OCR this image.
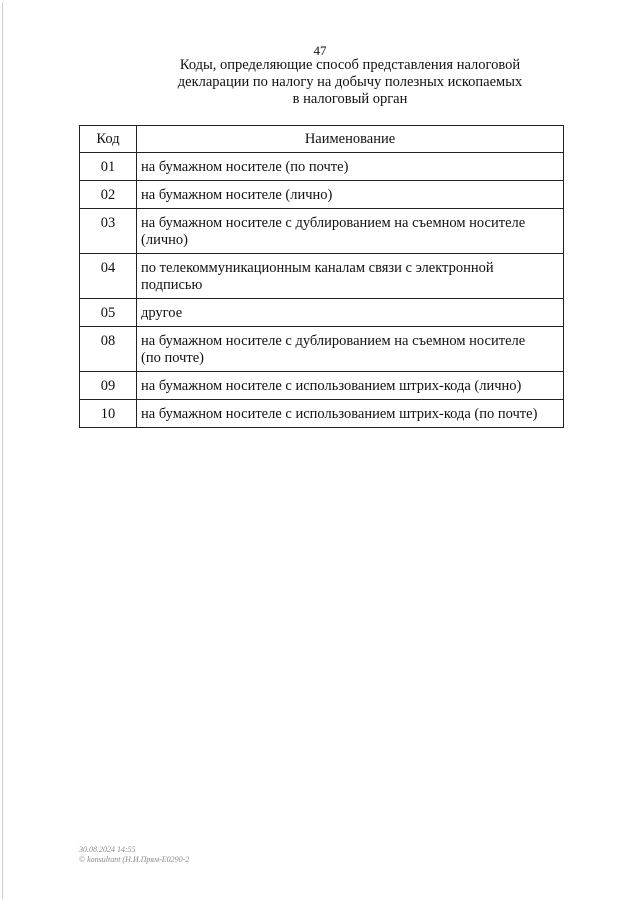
47
Коды, определяющие способ представления налоговой
декларации по налогу на добычу полезных ископаемых
в налоговый орган
Код	Наименование
01	на бумажном носителе (по почте)
02	на бумажном носителе (лично)
03	на бумажном носителе с дублированием на съемном носителе
(лично)

04	по телекоммуникационным каналам связи с электронной
подписью

05	другое
08	на бумажном носителе с дублированием на съемном носителе
(по почте)

09	на бумажном носителе с использованием штрих-кода (лично)
10	на бумажном носителе с использованием штрих-кода (по почте)
30.08.2024 14:55
© konsultant (Н.И.Прям-E0290-2
